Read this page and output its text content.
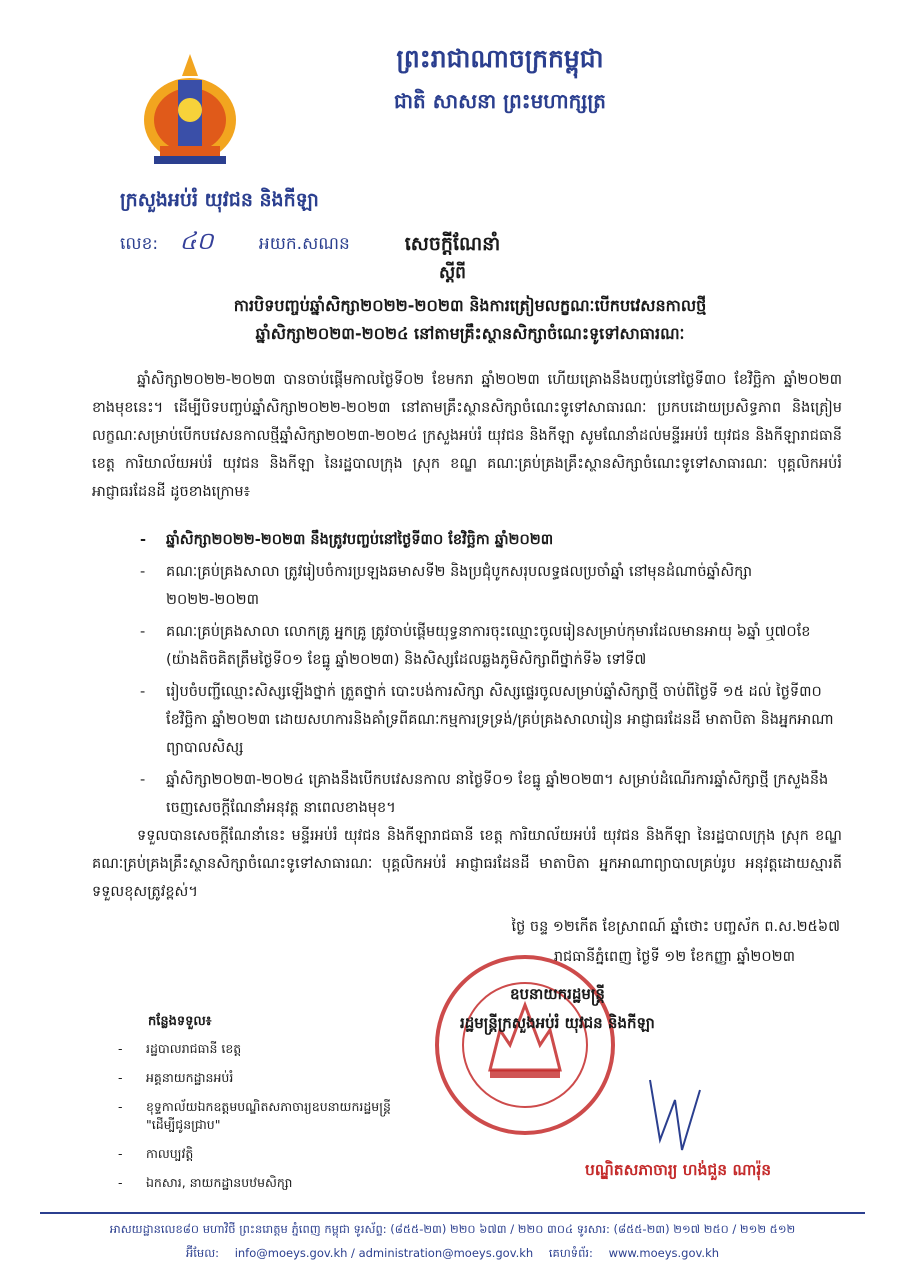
ព្រះរាជាណាចក្រកម្ពុជា
ជាតិ សាសនា ព្រះមហាក្សត្រ
ក្រសួងអប់រំ យុវជន និងកីឡា
លេខ: ៤០	អយក.សណន	សេចក្ដីណែនាំ
ស្ដីពី
ការបិទបញ្ចប់ឆ្នាំសិក្សា២០២២-២០២៣ និងការត្រៀមលក្ខណៈបើកបវេសនកាលថ្មី
ឆ្នាំសិក្សា២០២៣-២០២៤ នៅតាមគ្រឹះស្ថានសិក្សាចំណេះទូទៅសាធារណៈ
ឆ្នាំសិក្សា២០២២-២០២៣ បានចាប់ផ្ដើមកាលថ្ងៃទី០២ ខែមករា ឆ្នាំ២០២៣ ហើយគ្រោងនឹងបញ្ចប់នៅថ្ងៃទី៣០ ខែវិច្ឆិកា ឆ្នាំ២០២៣ ខាងមុខនេះ។ ដើម្បីបិទបញ្ចប់ឆ្នាំសិក្សា២០២២-២០២៣ នៅតាមគ្រឹះស្ថានសិក្សាចំណេះទូទៅសាធារណៈ ប្រកបដោយប្រសិទ្ធភាព និងត្រៀមលក្ខណៈសម្រាប់បើកបវេសនកាលថ្មីឆ្នាំសិក្សា២០២៣-២០២៤ ក្រសួងអប់រំ យុវជន និងកីឡា សូមណែនាំដល់មន្ទីរអប់រំ យុវជន និងកីឡារាជធានី ខេត្ត ការិយាល័យអប់រំ យុវជន និងកីឡា នៃរដ្ឋបាលក្រុង ស្រុក ខណ្ឌ គណៈគ្រប់គ្រងគ្រឹះស្ថានសិក្សាចំណេះទូទៅសាធារណៈ បុគ្គលិកអប់រំ អាជ្ញាធរដែនដី ដូចខាងក្រោម៖
- ឆ្នាំសិក្សា២០២២-២០២៣ នឹងត្រូវបញ្ចប់នៅថ្ងៃទី៣០ ខែវិច្ឆិកា ឆ្នាំ២០២៣
- គណៈគ្រប់គ្រងសាលា ត្រូវរៀបចំការប្រឡងឆមាសទី២ និងប្រជុំបូកសរុបលទ្ធផលប្រចាំឆ្នាំ នៅមុនដំណាច់ឆ្នាំសិក្សា ២០២២-២០២៣
- គណៈគ្រប់គ្រងសាលា លោកគ្រូ អ្នកគ្រូ ត្រូវចាប់ផ្ដើមយុទ្ធនាការចុះឈ្មោះចូលរៀនសម្រាប់កុមារដែលមានអាយុ ៦ឆ្នាំ ឬ៧០ខែ (យ៉ាងតិចគិតត្រឹមថ្ងៃទី០១ ខែធ្នូ ឆ្នាំ២០២៣) និងសិស្សដែលឆ្លងភូមិសិក្សាពីថ្នាក់ទី៦ ទៅទី៧
- រៀបចំបញ្ជីឈ្មោះសិស្សឡើងថ្នាក់ ត្រួតថ្នាក់ បោះបង់ការសិក្សា សិស្សផ្ទេរចូលសម្រាប់ឆ្នាំសិក្សាថ្មី ចាប់ពីថ្ងៃទី ១៥ ដល់ ថ្ងៃទី៣០ ខែវិច្ឆិកា ឆ្នាំ២០២៣ ដោយសហការនិងគាំទ្រពីគណៈកម្មការទ្រទ្រង់/គ្រប់គ្រងសាលារៀន អាជ្ញាធរដែនដី មាតាបិតា និងអ្នកអាណាព្យាបាលសិស្ស
- ឆ្នាំសិក្សា២០២៣-២០២៤ គ្រោងនឹងបើកបវេសនកាល នាថ្ងៃទី០១ ខែធ្នូ ឆ្នាំ២០២៣។ សម្រាប់ដំណើរការឆ្នាំសិក្សាថ្មី ក្រសួងនឹងចេញសេចក្ដីណែនាំអនុវត្ត នាពេលខាងមុខ។
ទទួលបានសេចក្ដីណែនាំនេះ មន្ទីរអប់រំ យុវជន និងកីឡារាជធានី ខេត្ត ការិយាល័យអប់រំ យុវជន និងកីឡា នៃរដ្ឋបាលក្រុង ស្រុក ខណ្ឌ គណៈគ្រប់គ្រងគ្រឹះស្ថានសិក្សាចំណេះទូទៅសាធារណៈ បុគ្គលិកអប់រំ អាជ្ញាធរដែនដី មាតាបិតា អ្នកអាណាព្យាបាលគ្រប់រូប អនុវត្តដោយស្មារតីទទួលខុសត្រូវខ្ពស់។
ថ្ងៃ ចន្ទ ១២កើត ខែស្រាពណ៍ ឆ្នាំថោះ បញ្ចស័ក ព.ស.២៥៦៧
រាជធានីភ្នំពេញ ថ្ងៃទី ១២ ខែកញ្ញា ឆ្នាំ២០២៣
ឧបនាយករដ្ឋមន្ត្រី
រដ្ឋមន្ត្រីក្រសួងអប់រំ យុវជន និងកីឡា
បណ្ឌិតសភាចារ្យ ហង់ជួន ណារ៉ុន
កន្លែងទទួល៖
- រដ្ឋបាលរាជធានី ខេត្ត
- អគ្គនាយកដ្ឋានអប់រំ
- ខុទ្ទកាល័យឯកឧត្ដមបណ្ឌិតសភាចារ្យឧបនាយករដ្ឋមន្ត្រី "ដើម្បីជូនជ្រាប"
- កាលប្បវត្តិ
- ឯកសារ, នាយកដ្ឋានបឋមសិក្សា
អាសយដ្ឋានលេខ៨០ មហាវិថី ព្រះនរោត្តម ភ្នំពេញ កម្ពុជា ទូរស័ព្ទ: (៨៥៥-២៣) ២២០ ៦៧៣ / ២២០ ៣០៤ ទូរសារ: (៨៥៥-២៣) ២១៧ ២៥០ / ២១២ ៥១២
អ៊ីមែល: info@moeys.gov.kh / administration@moeys.gov.kh គេហទំព័រ: www.moeys.gov.kh
